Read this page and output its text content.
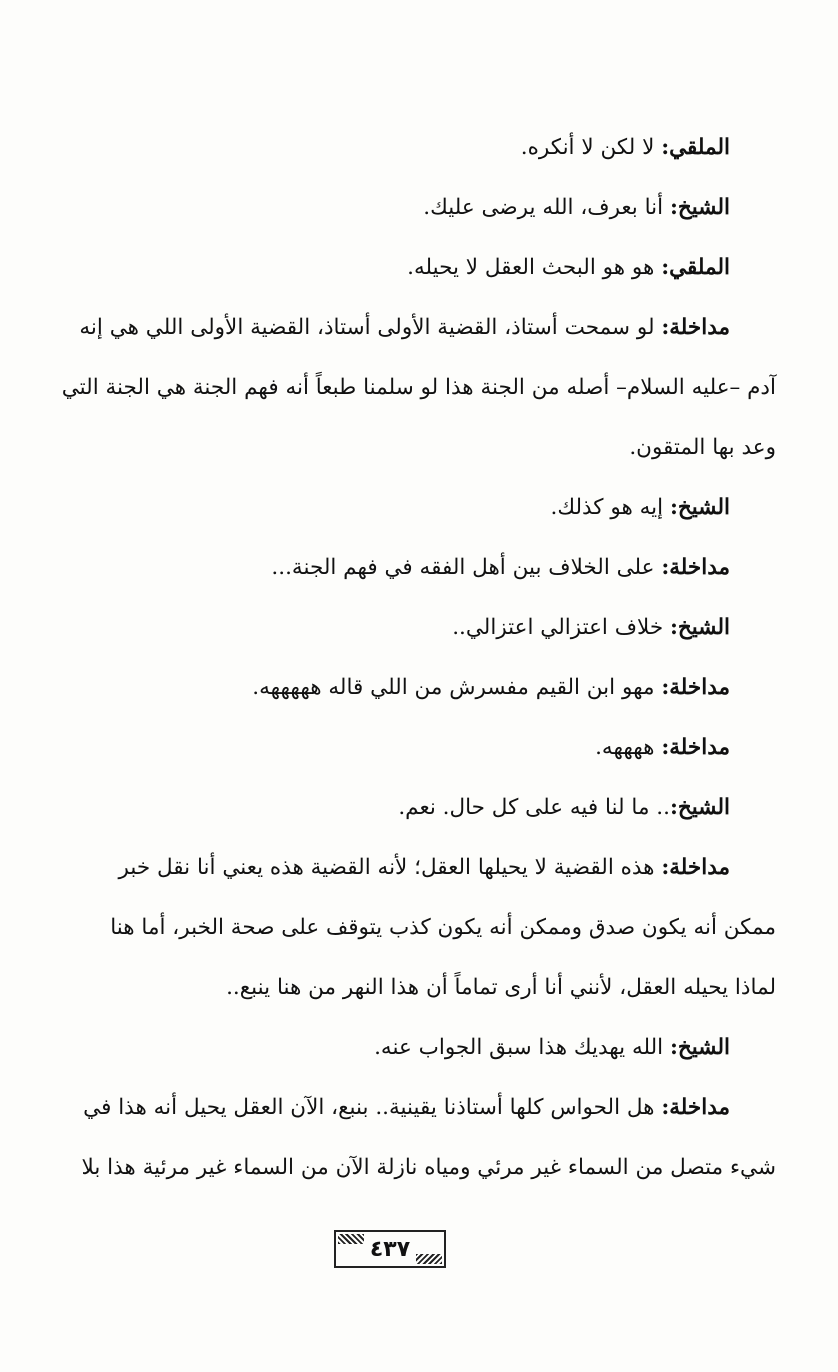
الملقي: لا لكن لا أنكره.

الشيخ: أنا بعرف، الله يرضى عليك.

الملقي: هو هو البحث العقل لا يحيله.

مداخلة: لو سمحت أستاذ، القضية الأولى أستاذ، القضية الأولى اللي هي إنه
آدم –عليه السلام– أصله من الجنة هذا لو سلمنا طبعاً أنه فهم الجنة هي الجنة التي
وعد بها المتقون.

الشيخ: إيه هو كذلك.

مداخلة: على الخلاف بين أهل الفقه في فهم الجنة...

الشيخ: خلاف اعتزالي اعتزالي..

مداخلة: مهو ابن القيم مفسرش من اللي قاله هههههه.

مداخلة: ههههه.

الشيخ:.. ما لنا فيه على كل حال. نعم.

مداخلة: هذه القضية لا يحيلها العقل؛ لأنه القضية هذه يعني أنا نقل خبر
ممكن أنه يكون صدق وممكن أنه يكون كذب يتوقف على صحة الخبر، أما هنا
لماذا يحيله العقل، لأنني أنا أرى تماماً أن هذا النهر من هنا ينبع..

الشيخ: الله يهديك هذا سبق الجواب عنه.

مداخلة: هل الحواس كلها أستاذنا يقينية.. بنبع، الآن العقل يحيل أنه هذا في
شيء متصل من السماء غير مرئي ومياه نازلة الآن من السماء غير مرئية هذا بلا

٤٣٧
